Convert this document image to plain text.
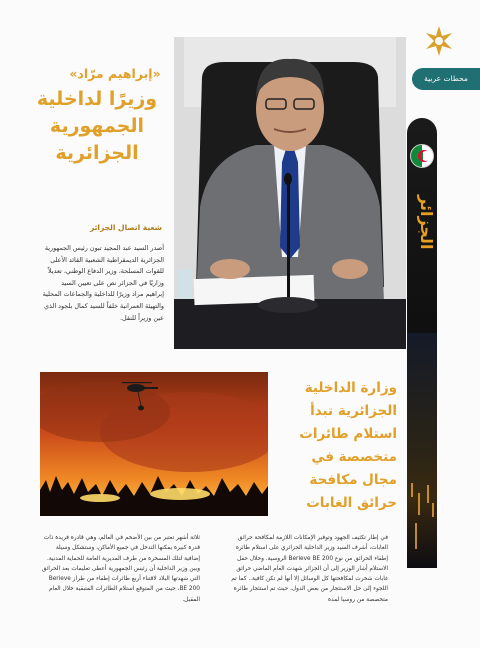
محطات عربية
الجزائر
«إبراهيم مرّاد»
وزيرًا لداخلية
الجمهورية
الجزائرية
شعبة اتصال الجزائر

أصدر السيد عبد المجيد تبون رئيس الجمهورية الجزائرية الديمقراطية الشعبية القائد الأعلى للقوات المسلحة، وزير الدفاع الوطني، تعديلاً وزاريًا في الجزائر نص على تعيين السيد إبراهيم مراد وزيرًا للداخلية والجماعات المحلية والتهيئة العمرانية خلفاً للسيد كمال بلجود الذي عين وزيراً للنقل.

وزارة الداخلية
الجزائرية تبدأ
استلام طائرات
متخصصة في
مجال مكافحة
حرائق الغابات

في إطار تكثيف الجهود وتوفير الإمكانات اللازمة لمكافحة حرائق الغابات، أشرف السيد وزير الداخلية الجزائري على استلام طائرة إطفاء الحرائق من نوع Berieve BE 200 الروسية. وخلال حفل الاستلام أشار الوزير إلى أن الجزائر شهدت العام الماضي حرائق غابات شخرت لمكافحتها كل الوسائل إلا أنها لم تكن كافية.. كما تم اللجوء إلى حل الاستئجار من بعض الدول، حيث تم استئجار طائرة متخصصة من روسيا لمدة

ثلاثة أشهر تعتبر من بين الأضخم في العالم، وهي قادرة فريدة ذات قدرة كبيرة يمكنها التدخل في جميع الأماكن، وستشكل وسيلة إضافية لتلك المسخرة من طرف المديرية العامة للحماية المدنية. وبين وزير الداخلية أن رئيس الجمهورية أعطى تعليمات بعد الحرائق التي شهدتها البلاد لاقتناء أربع طائرات إطفاء من طراز Berieve BE 200، حيث من المتوقع استلام الطائرات المتبقية خلال العام المقبل.
